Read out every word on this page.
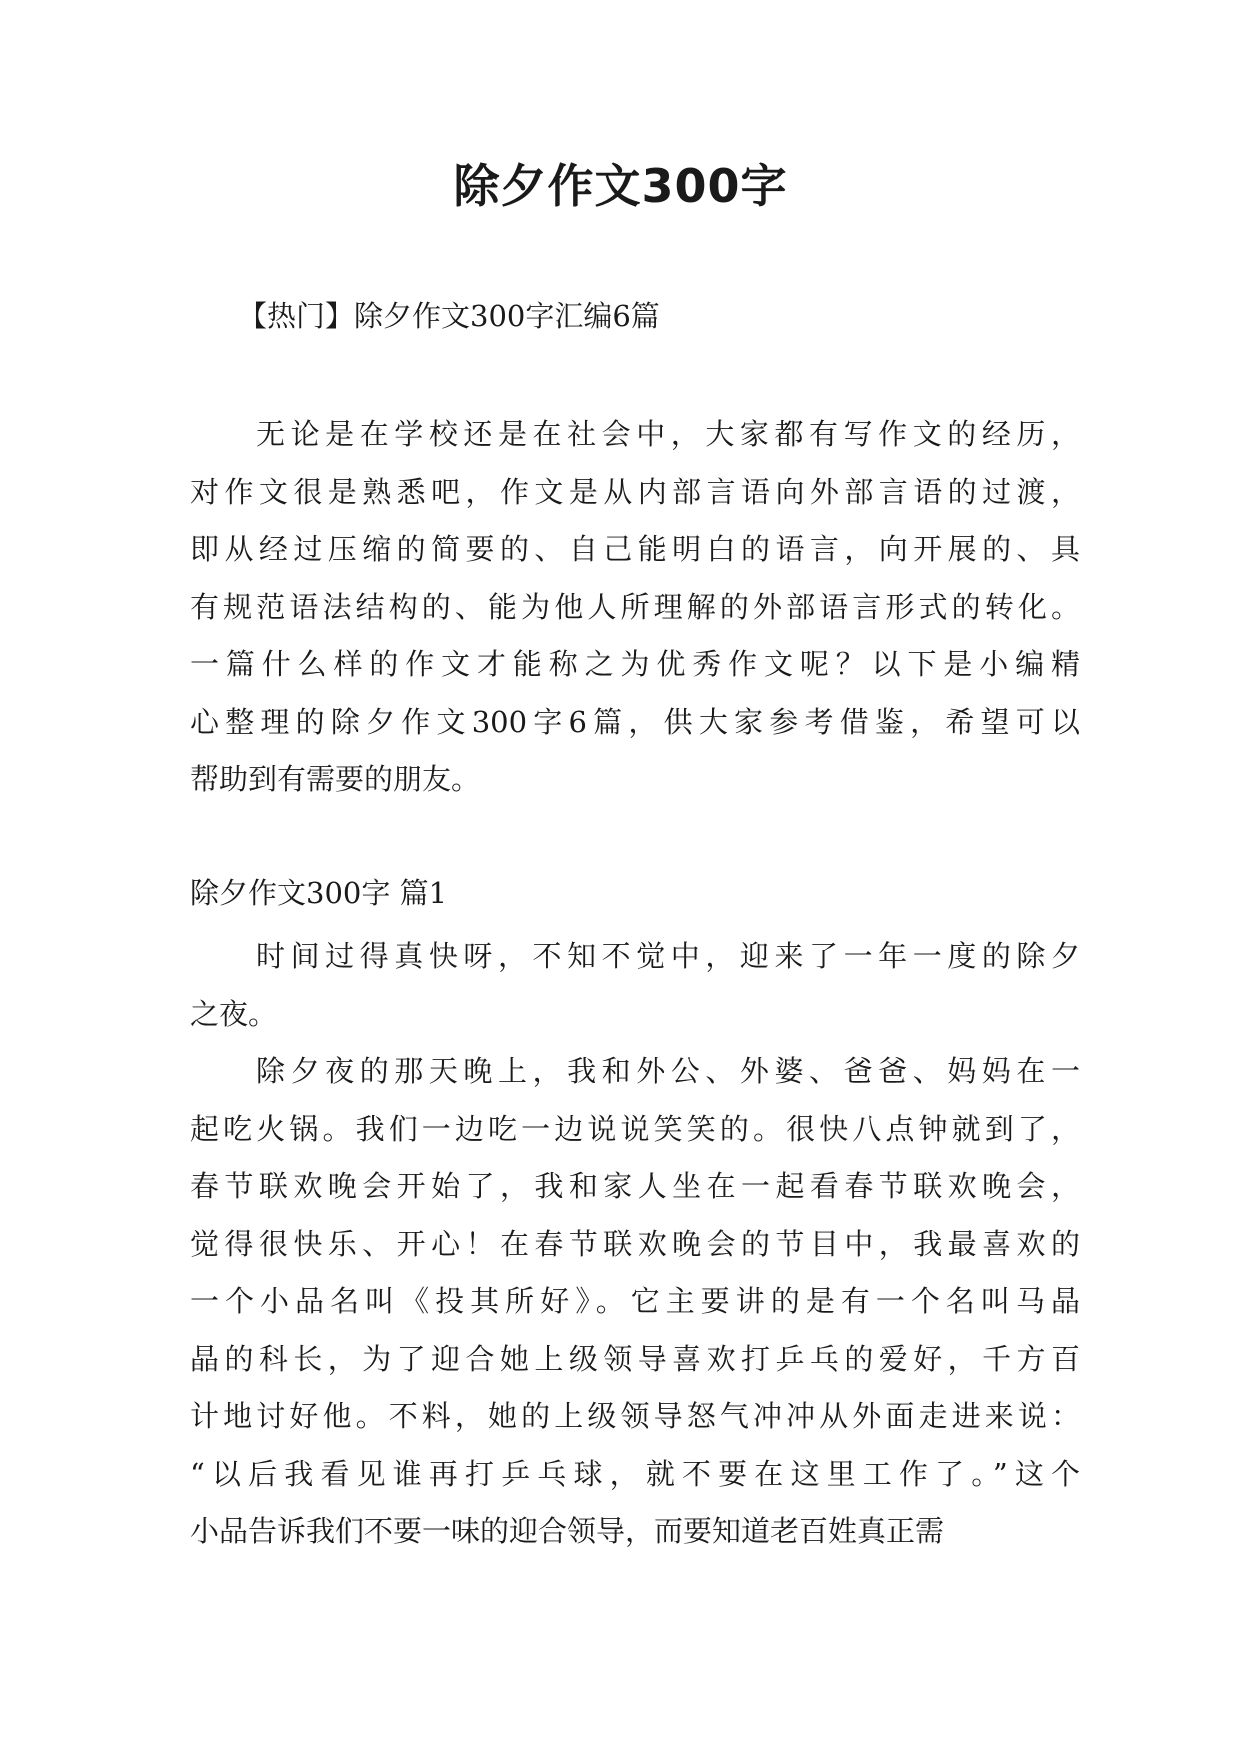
除夕作文300字

【热门】除夕作文300字汇编6篇

无论是在学校还是在社会中，大家都有写作文的经历，
对作文很是熟悉吧，作文是从内部言语向外部言语的过渡，
即从经过压缩的简要的、自己能明白的语言，向开展的、具
有规范语法结构的、能为他人所理解的外部语言形式的转化。
一篇什么样的作文才能称之为优秀作文呢？以下是小编精
心整理的除夕作文300字6篇，供大家参考借鉴，希望可以
帮助到有需要的朋友。

除夕作文300字 篇1

时间过得真快呀，不知不觉中，迎来了一年一度的除夕
之夜。
除夕夜的那天晚上，我和外公、外婆、爸爸、妈妈在一
起吃火锅。我们一边吃一边说说笑笑的。很快八点钟就到了，
春节联欢晚会开始了，我和家人坐在一起看春节联欢晚会，
觉得很快乐、开心！在春节联欢晚会的节目中，我最喜欢的
一个小品名叫《投其所好》。它主要讲的是有一个名叫马晶
晶的科长，为了迎合她上级领导喜欢打乒乓的爱好，千方百
计地讨好他。不料，她的上级领导怒气冲冲从外面走进来说：
“以后我看见谁再打乒乓球，就不要在这里工作了。”这个
小品告诉我们不要一味的迎合领导，而要知道老百姓真正需
